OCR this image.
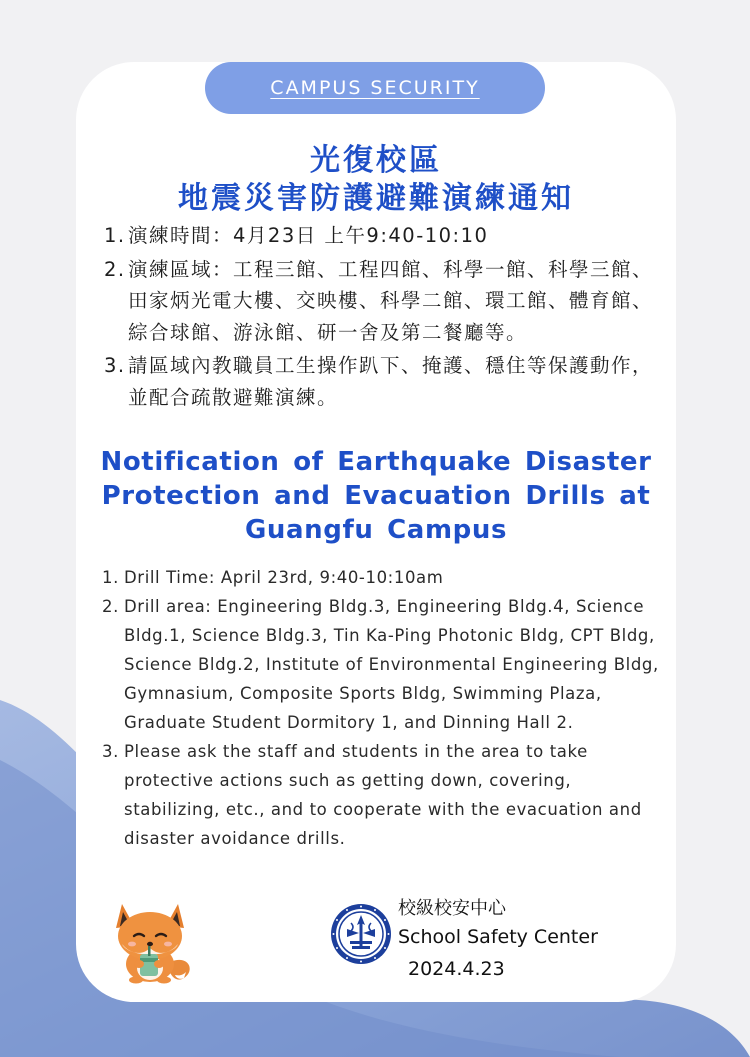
CAMPUS SECURITY
光復校區
地震災害防護避難演練通知
1. 演練時間：4月23日 上午9:40-10:10
2. 演練區域：工程三館、工程四館、科學一館、科學三館、田家炳光電大樓、交映樓、科學二館、環工館、體育館、綜合球館、游泳館、研一舍及第二餐廳等。
3. 請區域內教職員工生操作趴下、掩護、穩住等保護動作，並配合疏散避難演練。
Notification of Earthquake Disaster Protection and Evacuation Drills at Guangfu Campus
1. Drill Time: April 23rd, 9:40-10:10am
2. Drill area: Engineering Bldg.3, Engineering Bldg.4, Science Bldg.1, Science Bldg.3, Tin Ka-Ping Photonic Bldg, CPT Bldg, Science Bldg.2, Institute of Environmental Engineering Bldg, Gymnasium, Composite Sports Bldg, Swimming Plaza, Graduate Student Dormitory 1, and Dinning Hall 2.
3. Please ask the staff and students in the area to take protective actions such as getting down, covering, stabilizing, etc., and to cooperate with the evacuation and disaster avoidance drills.
校級校安中心
School Safety Center
2024.4.23
